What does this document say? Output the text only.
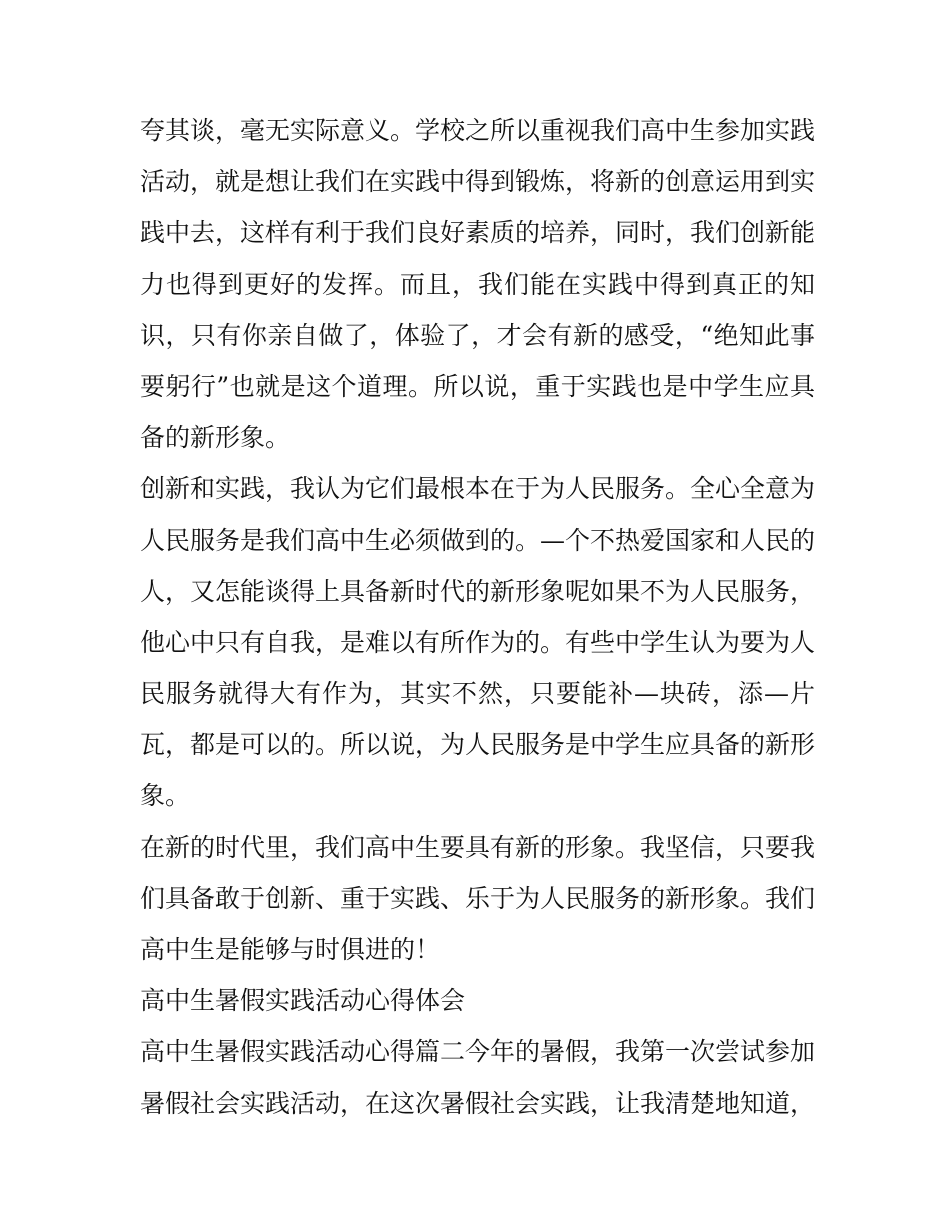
夸其谈，毫无实际意义。学校之所以重视我们高中生参加实践
活动，就是想让我们在实践中得到锻炼，将新的创意运用到实
践中去，这样有利于我们良好素质的培养，同时，我们创新能
力也得到更好的发挥。而且，我们能在实践中得到真正的知
识，只有你亲自做了，体验了，才会有新的感受，“绝知此事
要躬行”也就是这个道理。所以说，重于实践也是中学生应具
备的新形象。
创新和实践，我认为它们最根本在于为人民服务。全心全意为
人民服务是我们高中生必须做到的。—个不热爱国家和人民的
人，又怎能谈得上具备新时代的新形象呢如果不为人民服务，
他心中只有自我，是难以有所作为的。有些中学生认为要为人
民服务就得大有作为，其实不然，只要能补—块砖，添—片
瓦，都是可以的。所以说，为人民服务是中学生应具备的新形
象。
在新的时代里，我们高中生要具有新的形象。我坚信，只要我
们具备敢于创新、重于实践、乐于为人民服务的新形象。我们
高中生是能够与时俱进的！
高中生暑假实践活动心得体会
高中生暑假实践活动心得篇二今年的暑假，我第一次尝试参加
暑假社会实践活动，在这次暑假社会实践，让我清楚地知道，
